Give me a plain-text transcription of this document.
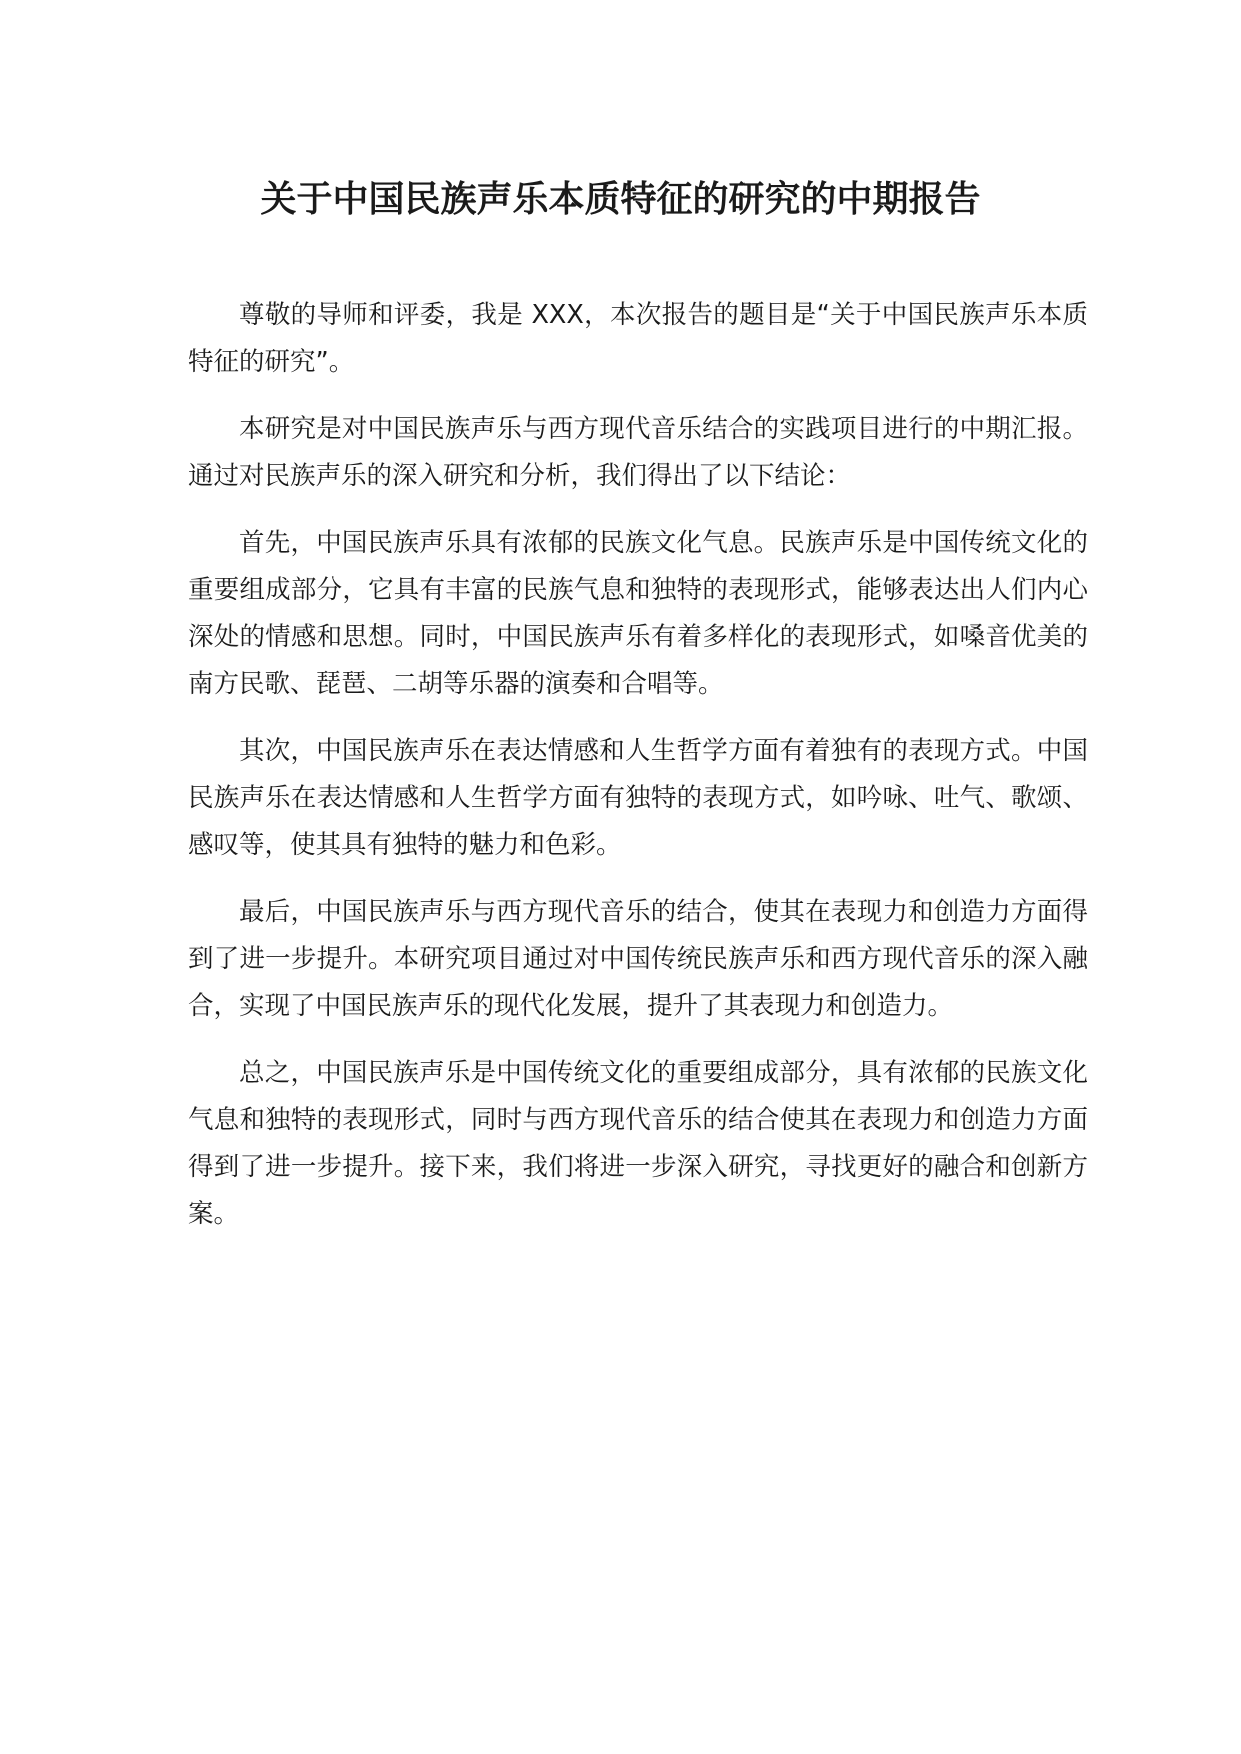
关于中国民族声乐本质特征的研究的中期报告

尊敬的导师和评委，我是 XXX，本次报告的题目是“关于中国民族声乐本质特征的研究”。

本研究是对中国民族声乐与西方现代音乐结合的实践项目进行的中期汇报。通过对民族声乐的深入研究和分析，我们得出了以下结论：

首先，中国民族声乐具有浓郁的民族文化气息。民族声乐是中国传统文化的重要组成部分，它具有丰富的民族气息和独特的表现形式，能够表达出人们内心深处的情感和思想。同时，中国民族声乐有着多样化的表现形式，如嗓音优美的南方民歌、琵琶、二胡等乐器的演奏和合唱等。

其次，中国民族声乐在表达情感和人生哲学方面有着独有的表现方式。中国民族声乐在表达情感和人生哲学方面有独特的表现方式，如吟咏、吐气、歌颂、感叹等，使其具有独特的魅力和色彩。

最后，中国民族声乐与西方现代音乐的结合，使其在表现力和创造力方面得到了进一步提升。本研究项目通过对中国传统民族声乐和西方现代音乐的深入融合，实现了中国民族声乐的现代化发展，提升了其表现力和创造力。

总之，中国民族声乐是中国传统文化的重要组成部分，具有浓郁的民族文化气息和独特的表现形式，同时与西方现代音乐的结合使其在表现力和创造力方面得到了进一步提升。接下来，我们将进一步深入研究，寻找更好的融合和创新方案。
